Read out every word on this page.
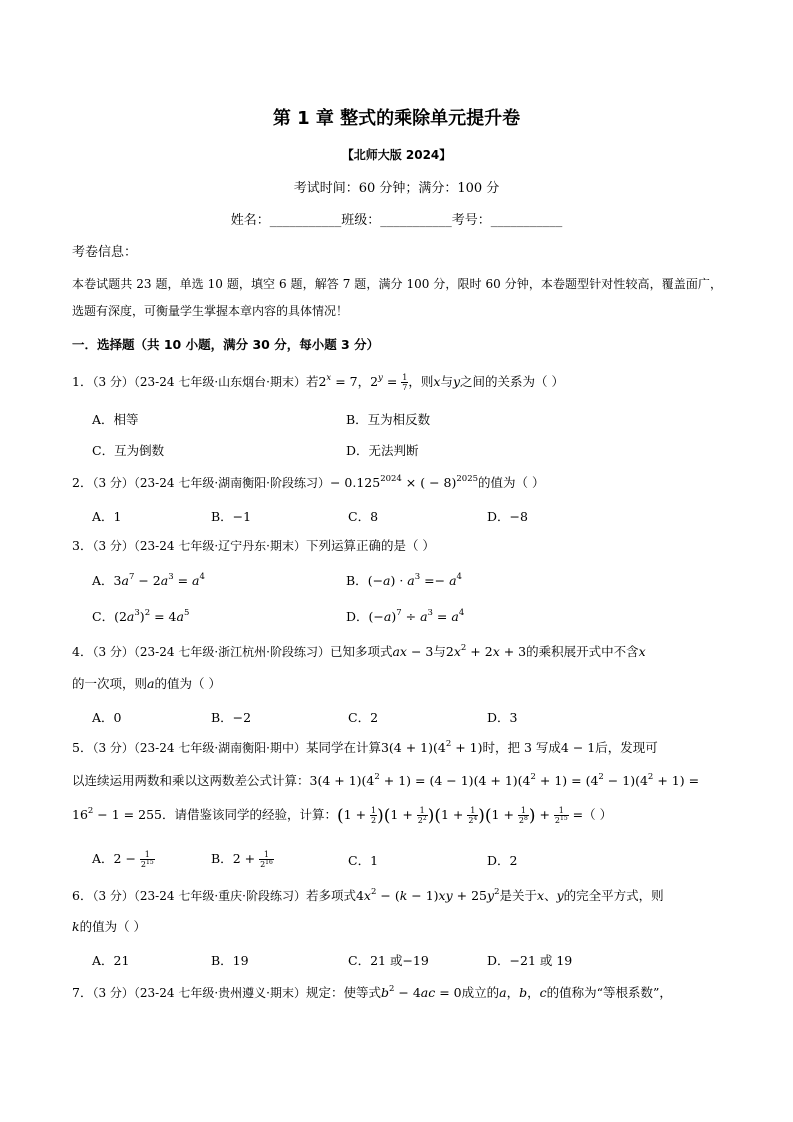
第 1 章 整式的乘除单元提升卷
【北师大版 2024】
考试时间：60 分钟；满分：100 分
姓名：___________班级：___________考号：___________
考卷信息：
本卷试题共 23 题，单选 10 题，填空 6 题，解答 7 题，满分 100 分，限时 60 分钟，本卷题型针对性较高，覆盖面广，选题有深度，可衡量学生掌握本章内容的具体情况！
一．选择题（共 10 小题，满分 30 分，每小题 3 分）
1．（3 分）（23-24 七年级·山东烟台·期末）若$2^x = 7$，$2^y = \frac{1}{7}$ ，则x与y之间的关系为（ ）
A．相等	B．互为相反数
C．互为倒数	D．无法判断
2．（3 分）（23-24 七年级·湖南衡阳·阶段练习）− $0.125^{2024}$ × ( − 8)$^{2025}$的值为（ ）
A．1	B．−1	C．8	D．−8
3．（3 分）（23-24 七年级·辽宁丹东·期末）下列运算正确的是（ ）
A．$3a^7 - 2a^3 = a^4$	B．$(-a) \cdot a^3 =- a^4$
C．$(2a^3)^2 = 4a^5$	D．$(-a)^7 \div a^3 = a^4$
4．（3 分）（23-24 七年级·浙江杭州·阶段练习）已知多项式ax − 3与$2x^2 + 2x + 3$的乘积展开式中不含x
的一次项，则a的值为（ ）
A．0	B．−2	C．2	D．3
5．（3 分）（23-24 七年级·湖南衡阳·期中）某同学在计算$3(4 + 1)(4^2 + 1)$时，把 3 写成4 − 1后，发现可
以连续运用两数和乘以这两数差公式计算：$3(4 + 1)(4^2 + 1) = (4 - 1)(4 + 1)(4^2 + 1) = (4^2 - 1)(4^2 + 1)$ =
$16^2 - 1 = 255$．请借鉴该同学的经验，计算：$(1 + \frac{1}{2} )(1 + \frac{1}{2^2} )(1 + \frac{1}{2^4} )(1 + \frac{1}{2^8}$ ) + $\frac{1}{2^{15}}$ =（ ）
A．$2 - \frac{1}{2^{15}}$	B．$2 + \frac{1}{2^{16}}$	C．1	D．2
6．（3 分）（23-24 七年级·重庆·阶段练习）若多项式$4x^2 - (k - 1)xy + 25y^2$是关于x、y的完全平方式，则
k的值为（ ）
A．21	B．19	C．21 或−19	D．−21 或 19
7．（3 分）（23-24 七年级·贵州遵义·期末）规定：使等式$b^2 - 4ac = 0$成立的a，b，c的值称为“等根系数”，
